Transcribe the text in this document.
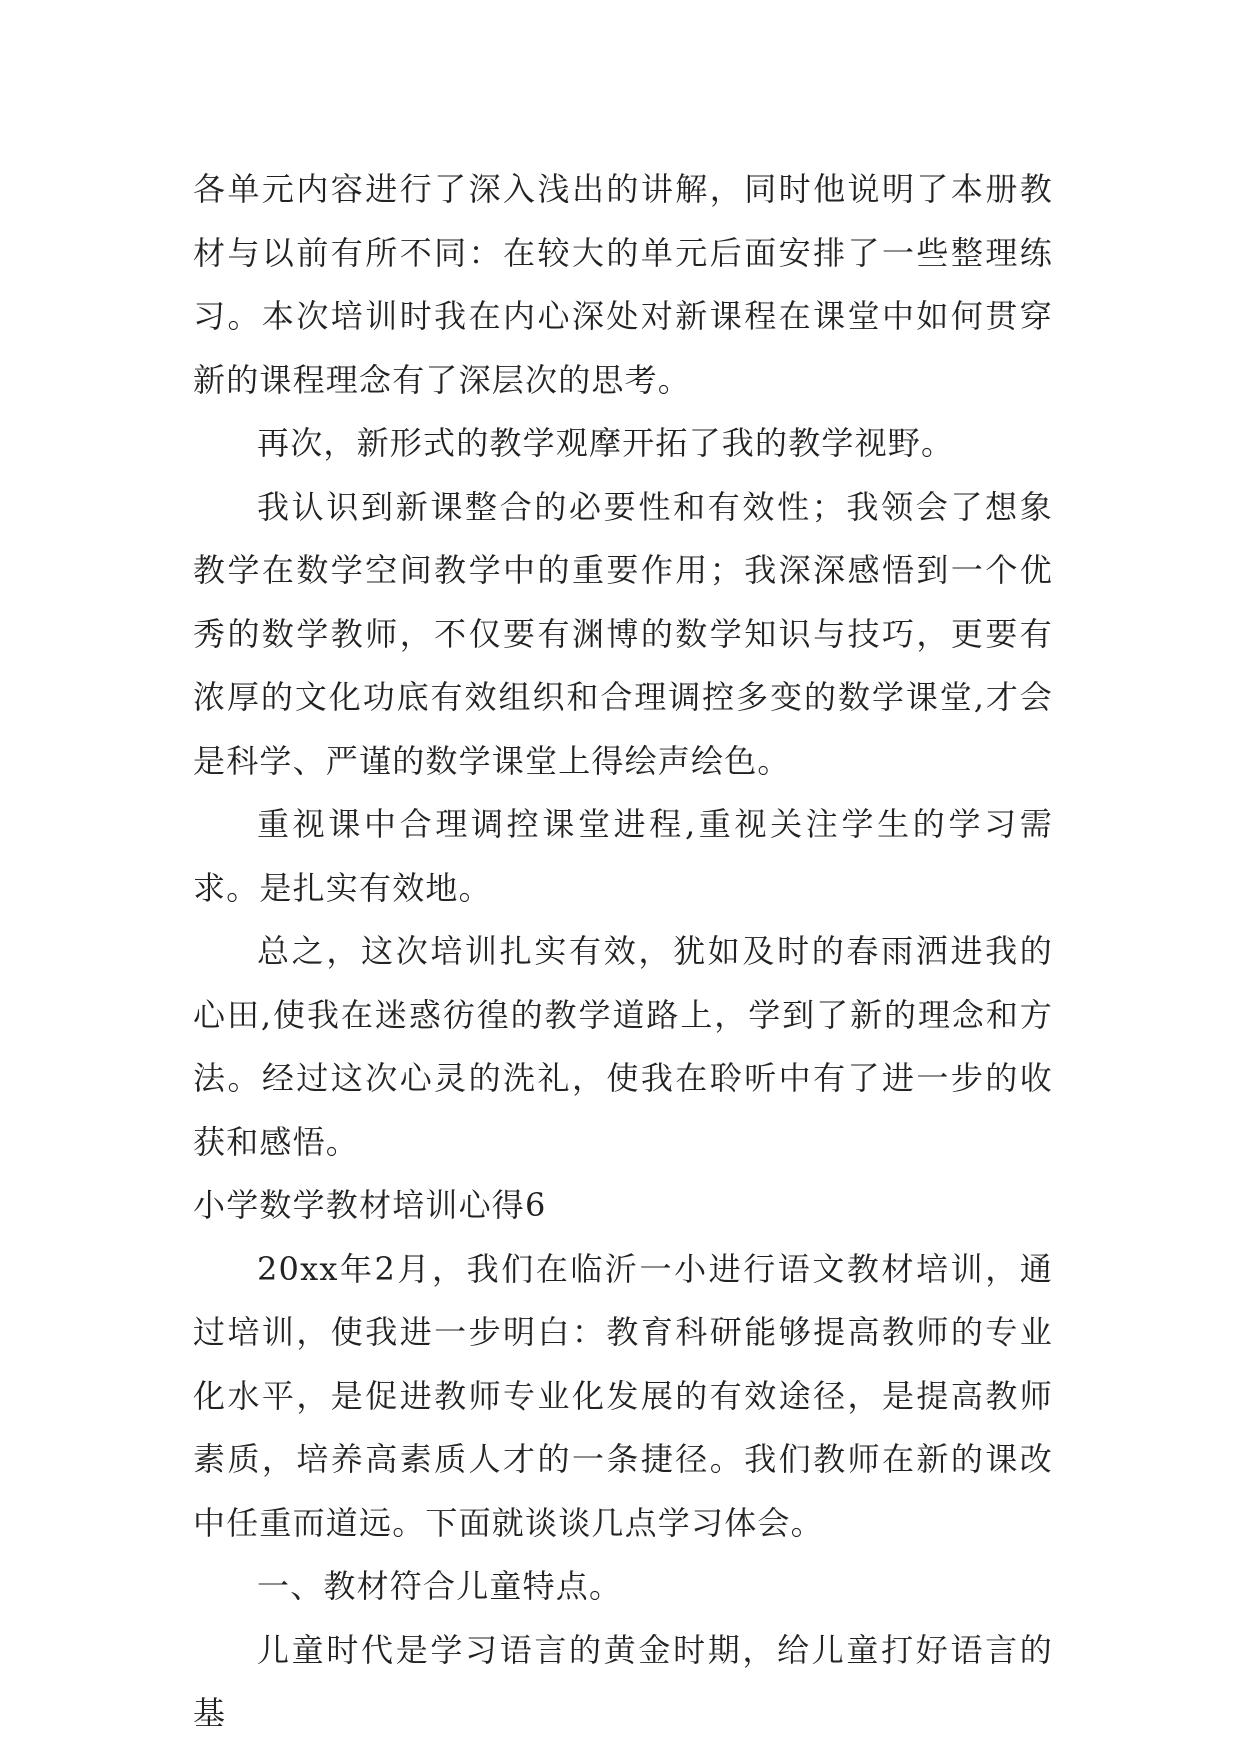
各单元内容进行了深入浅出的讲解，同时他说明了本册教材与以前有所不同：在较大的单元后面安排了一些整理练习。本次培训时我在内心深处对新课程在课堂中如何贯穿新的课程理念有了深层次的思考。

再次，新形式的教学观摩开拓了我的教学视野。

我认识到新课整合的必要性和有效性；我领会了想象教学在数学空间教学中的重要作用；我深深感悟到一个优秀的数学教师，不仅要有渊博的数学知识与技巧，更要有浓厚的文化功底有效组织和合理调控多变的数学课堂,才会是科学、严谨的数学课堂上得绘声绘色。

重视课中合理调控课堂进程,重视关注学生的学习需求。是扎实有效地。

总之，这次培训扎实有效，犹如及时的春雨洒进我的心田,使我在迷惑彷徨的教学道路上，学到了新的理念和方法。经过这次心灵的洗礼，使我在聆听中有了进一步的收获和感悟。

小学数学教材培训心得6

20xx年2月，我们在临沂一小进行语文教材培训，通过培训，使我进一步明白：教育科研能够提高教师的专业化水平，是促进教师专业化发展的有效途径，是提高教师素质，培养高素质人才的一条捷径。我们教师在新的课改中任重而道远。下面就谈谈几点学习体会。

一、教材符合儿童特点。

儿童时代是学习语言的黄金时期，给儿童打好语言的基
